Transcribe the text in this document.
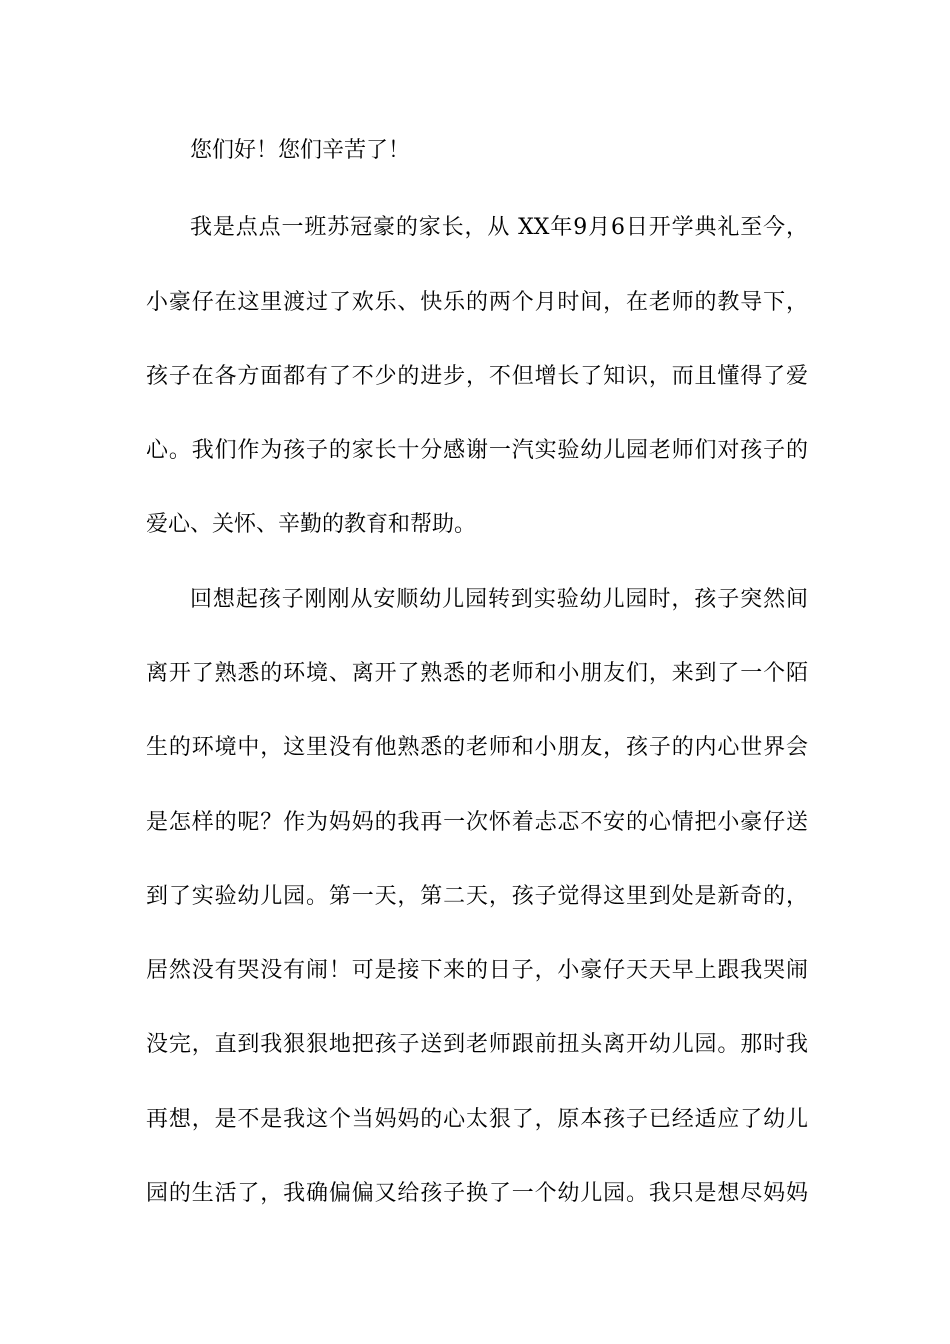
您们好！您们辛苦了！
我是点点一班苏冠豪的家长，从 XX年9月6日开学典礼至今，
小豪仔在这里渡过了欢乐、快乐的两个月时间，在老师的教导下，
孩子在各方面都有了不少的进步，不但增长了知识，而且懂得了爱
心。我们作为孩子的家长十分感谢一汽实验幼儿园老师们对孩子的
爱心、关怀、辛勤的教育和帮助。
回想起孩子刚刚从安顺幼儿园转到实验幼儿园时，孩子突然间
离开了熟悉的环境、离开了熟悉的老师和小朋友们，来到了一个陌
生的环境中，这里没有他熟悉的老师和小朋友，孩子的内心世界会
是怎样的呢？作为妈妈的我再一次怀着忐忑不安的心情把小豪仔送
到了实验幼儿园。第一天，第二天，孩子觉得这里到处是新奇的，
居然没有哭没有闹！可是接下来的日子，小豪仔天天早上跟我哭闹
没完，直到我狠狠地把孩子送到老师跟前扭头离开幼儿园。那时我
再想，是不是我这个当妈妈的心太狠了，原本孩子已经适应了幼儿
园的生活了，我确偏偏又给孩子换了一个幼儿园。我只是想尽妈妈
